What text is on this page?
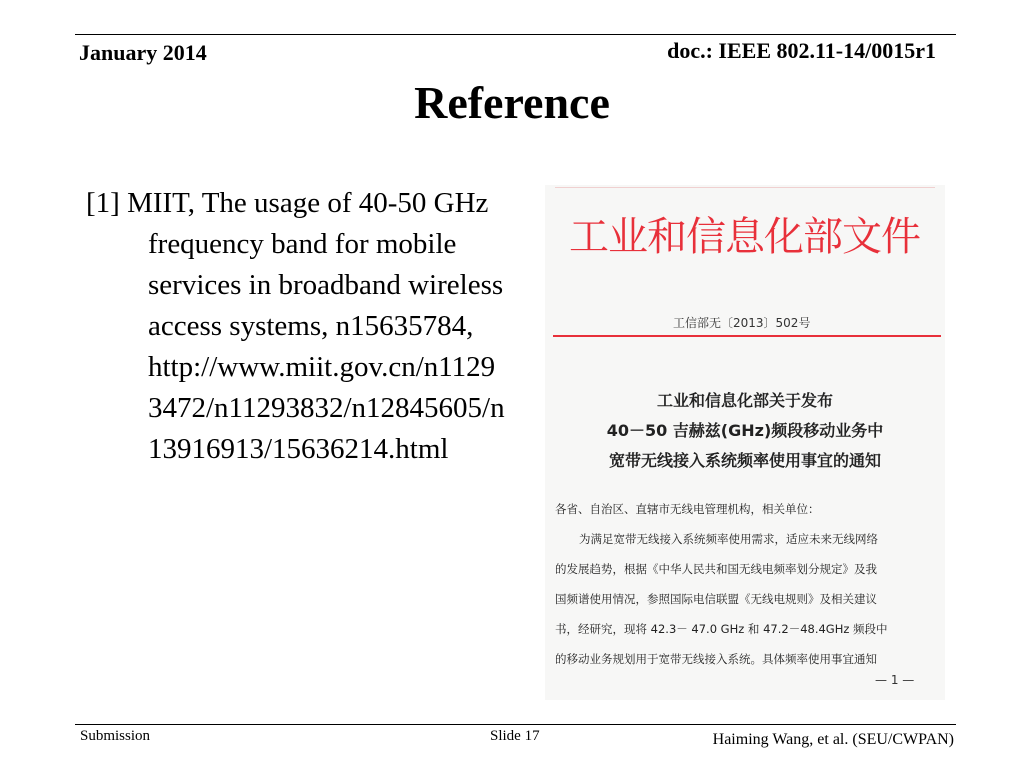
January 2014	doc.: IEEE 802.11-14/0015r1
Reference

[1] MIIT, The usage of 40-50 GHz frequency band for mobile services in broadband wireless access systems, n15635784, http://www.miit.gov.cn/n11293472/n11293832/n12845605/n13916913/15636214.html

工业和信息化部文件
工信部无〔2013〕502号
工业和信息化部关于发布
40－50 吉赫兹(GHz)频段移动业务中
宽带无线接入系统频率使用事宜的通知
各省、自治区、直辖市无线电管理机构，相关单位：
为满足宽带无线接入系统频率使用需求，适应未来无线网络
的发展趋势，根据《中华人民共和国无线电频率划分规定》及我
国频谱使用情况，参照国际电信联盟《无线电规则》及相关建议
书，经研究，现将 42.3－ 47.0 GHz 和 47.2－48.4GHz 频段中
的移动业务规划用于宽带无线接入系统。具体频率使用事宜通知
— 1 —
Submission	Slide 17	Haiming Wang, et al. (SEU/CWPAN)
